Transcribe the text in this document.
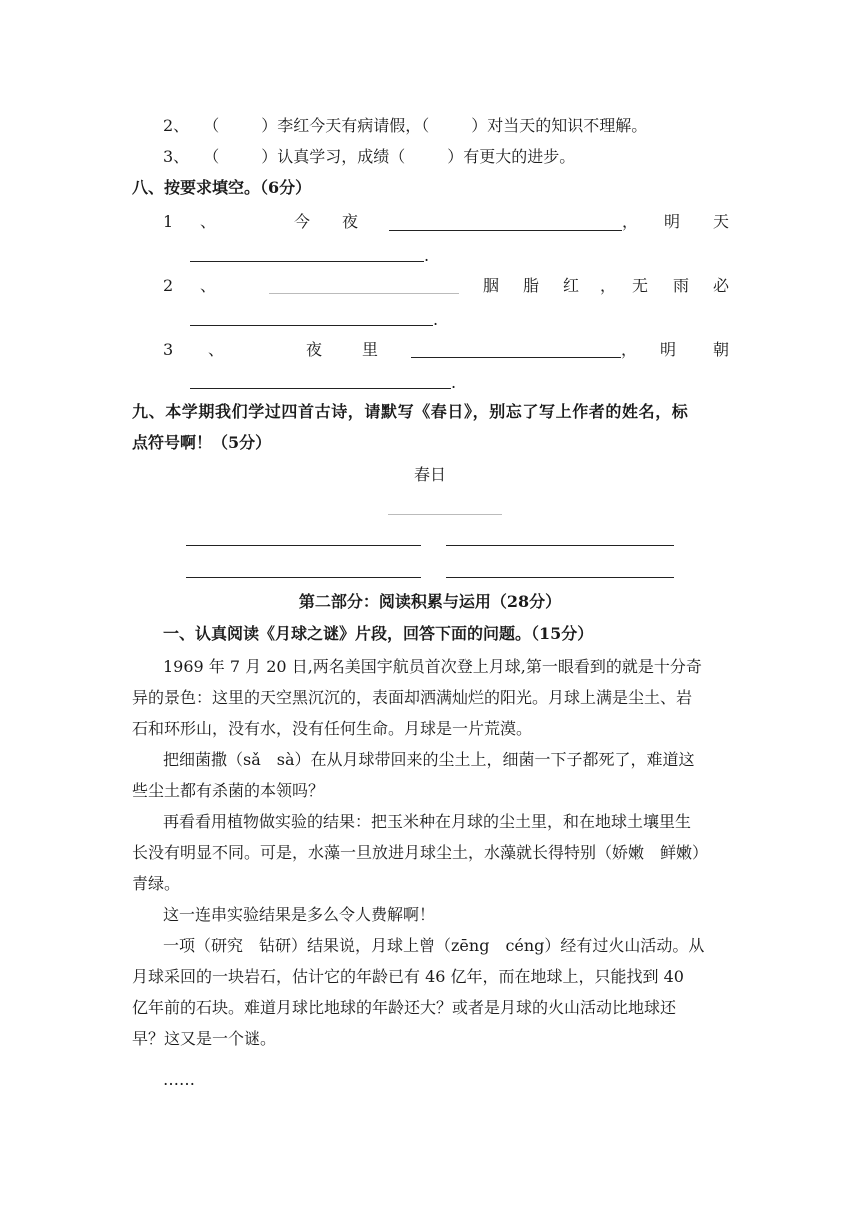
2、 （	）李红今天有病请假，（	）对当天的知识不理解。
3、 （	）认真学习，成绩（	）有更大的进步。
八、按要求填空。（6分）
1 、	今 夜	， 明 天
.
2 、	胭 脂 红 ， 无 雨 必
.
3 、	夜 里	， 明 朝
.
九、本学期我们学过四首古诗，请默写《春日》，别忘了写上作者的姓名，标
点符号啊！（5分）
春日
第二部分：阅读积累与运用（28分）
一、认真阅读《月球之谜》片段，回答下面的问题。（15分）
1969 年 7 月 20 日,两名美国宇航员首次登上月球,第一眼看到的就是十分奇
异的景色：这里的天空黑沉沉的，表面却洒满灿烂的阳光。月球上满是尘土、岩
石和环形山，没有水，没有任何生命。月球是一片荒漠。
把细菌撒（sǎ　sà）在从月球带回来的尘土上，细菌一下子都死了，难道这
些尘土都有杀菌的本领吗？
再看看用植物做实验的结果：把玉米种在月球的尘土里，和在地球土壤里生
长没有明显不同。可是，水藻一旦放进月球尘土，水藻就长得特别（娇嫩　鲜嫩）
青绿。
这一连串实验结果是多么令人费解啊！
一项（研究　钻研）结果说，月球上曾（zēng　céng）经有过火山活动。从
月球采回的一块岩石，估计它的年龄已有 46 亿年，而在地球上，只能找到 40
亿年前的石块。难道月球比地球的年龄还大？或者是月球的火山活动比地球还
早？这又是一个谜。
……
